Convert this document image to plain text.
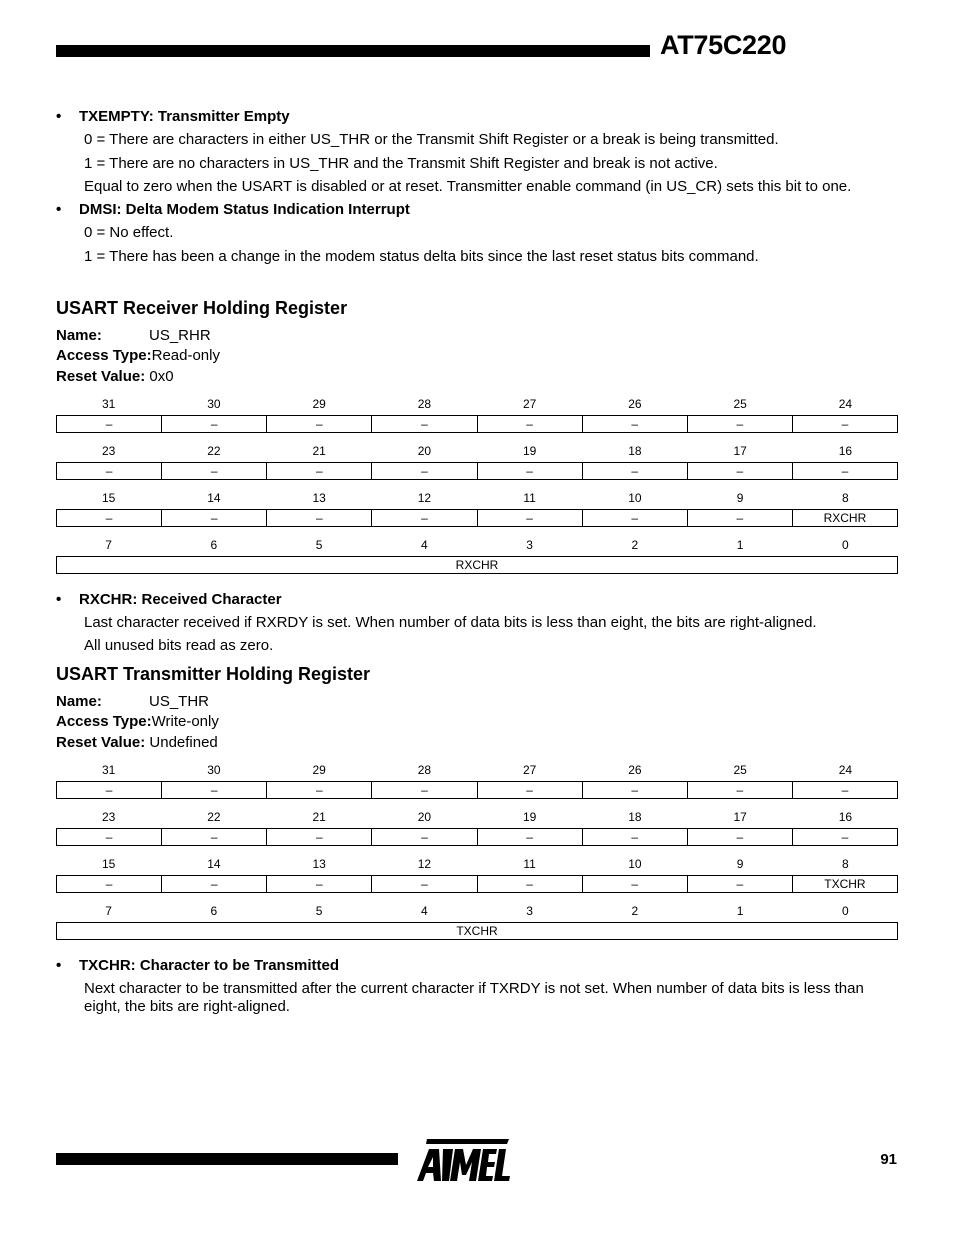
AT75C220
• TXEMPTY: Transmitter Empty
0 = There are characters in either US_THR or the Transmit Shift Register or a break is being transmitted.
1 = There are no characters in US_THR and the Transmit Shift Register and break is not active.
Equal to zero when the USART is disabled or at reset. Transmitter enable command (in US_CR) sets this bit to one.
• DMSI: Delta Modem Status Indication Interrupt
0 = No effect.
1 = There has been a change in the modem status delta bits since the last reset status bits command.
USART Receiver Holding Register
Name:	US_RHR
Access Type:Read-only
Reset Value: 0x0
31	30	29	28	27	26	25	24
–	–	–	–	–	–	–	–
23	22	21	20	19	18	17	16
–	–	–	–	–	–	–	–
15	14	13	12	11	10	9	8
–	–	–	–	–	–	–	RXCHR
7	6	5	4	3	2	1	0
RXCHR
• RXCHR: Received Character
Last character received if RXRDY is set. When number of data bits is less than eight, the bits are right-aligned.
All unused bits read as zero.
USART Transmitter Holding Register
Name:	US_THR
Access Type:Write-only
Reset Value: Undefined
31	30	29	28	27	26	25	24
–	–	–	–	–	–	–	–
23	22	21	20	19	18	17	16
–	–	–	–	–	–	–	–
15	14	13	12	11	10	9	8
–	–	–	–	–	–	–	TXCHR
7	6	5	4	3	2	1	0
TXCHR
• TXCHR: Character to be Transmitted
Next character to be transmitted after the current character if TXRDY is not set. When number of data bits is less than eight, the bits are right-aligned.
91
